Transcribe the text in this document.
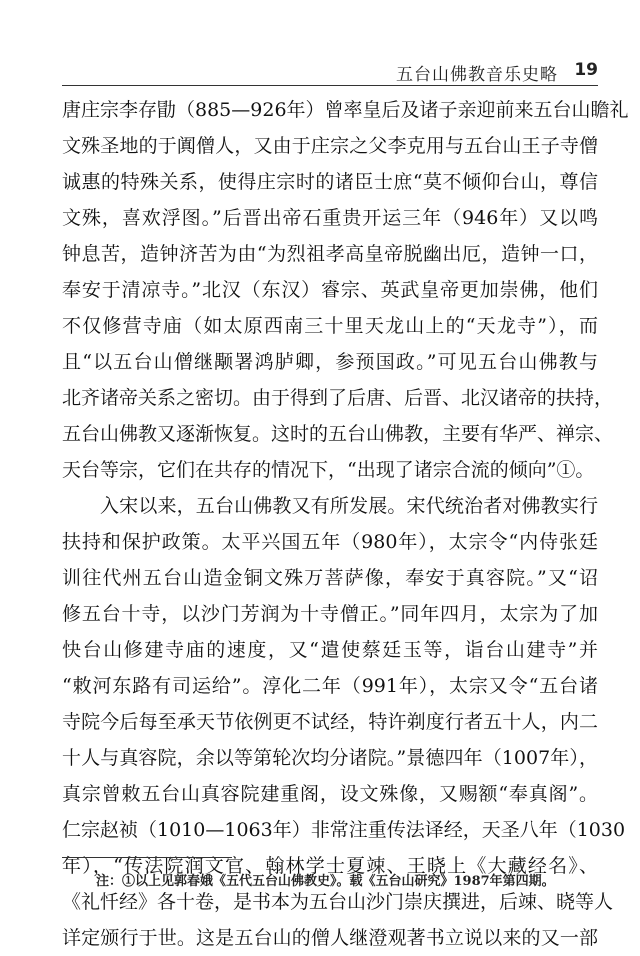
五台山佛教音乐史略 19
唐庄宗李存勖（885—926年）曾率皇后及诸子亲迎前来五台山瞻礼
文殊圣地的于阗僧人，又由于庄宗之父李克用与五台山王子寺僧
诚惠的特殊关系，使得庄宗时的诸臣士庶“莫不倾仰台山，尊信
文殊，喜欢浮图。”后晋出帝石重贵开运三年（946年）又以鸣
钟息苦，造钟济苦为由“为烈祖孝高皇帝脱幽出厄，造钟一口，
奉安于清凉寺。”北汉（东汉）睿宗、英武皇帝更加崇佛，他们
不仅修营寺庙（如太原西南三十里天龙山上的“天龙寺”），而
且“以五台山僧继颙署鸿胪卿，参预国政。”可见五台山佛教与
北齐诸帝关系之密切。由于得到了后唐、后晋、北汉诸帝的扶持，
五台山佛教又逐渐恢复。这时的五台山佛教，主要有华严、禅宗、
天台等宗，它们在共存的情况下，“出现了诸宗合流的倾向”①。
入宋以来，五台山佛教又有所发展。宋代统治者对佛教实行
扶持和保护政策。太平兴国五年（980年），太宗令“内侍张廷
训往代州五台山造金铜文殊万菩萨像，奉安于真容院。”又“诏
修五台十寺，以沙门芳润为十寺僧正。”同年四月，太宗为了加
快台山修建寺庙的速度，又“遣使蔡廷玉等，诣台山建寺”并
“敕河东路有司运给”。淳化二年（991年），太宗又令“五台诸
寺院今后每至承天节依例更不试经，特许剃度行者五十人，内二
十人与真容院，余以等第轮次均分诸院。”景德四年（1007年），
真宗曾敕五台山真容院建重阁，设文殊像，又赐额“奉真阁”。
仁宗赵祯（1010—1063年）非常注重传法译经，天圣八年（1030
年），“传法院润文官、翰林学士夏竦、王晓上《大藏经名》、
《礼忏经》各十卷，是书本为五台山沙门崇庆撰进，后竦、晓等人
详定颁行于世。这是五台山的僧人继澄观著书立说以来的又一部
注：①以上见郭春娥《五代五台山佛教史》。载《五台山研究》1987年第四期。
